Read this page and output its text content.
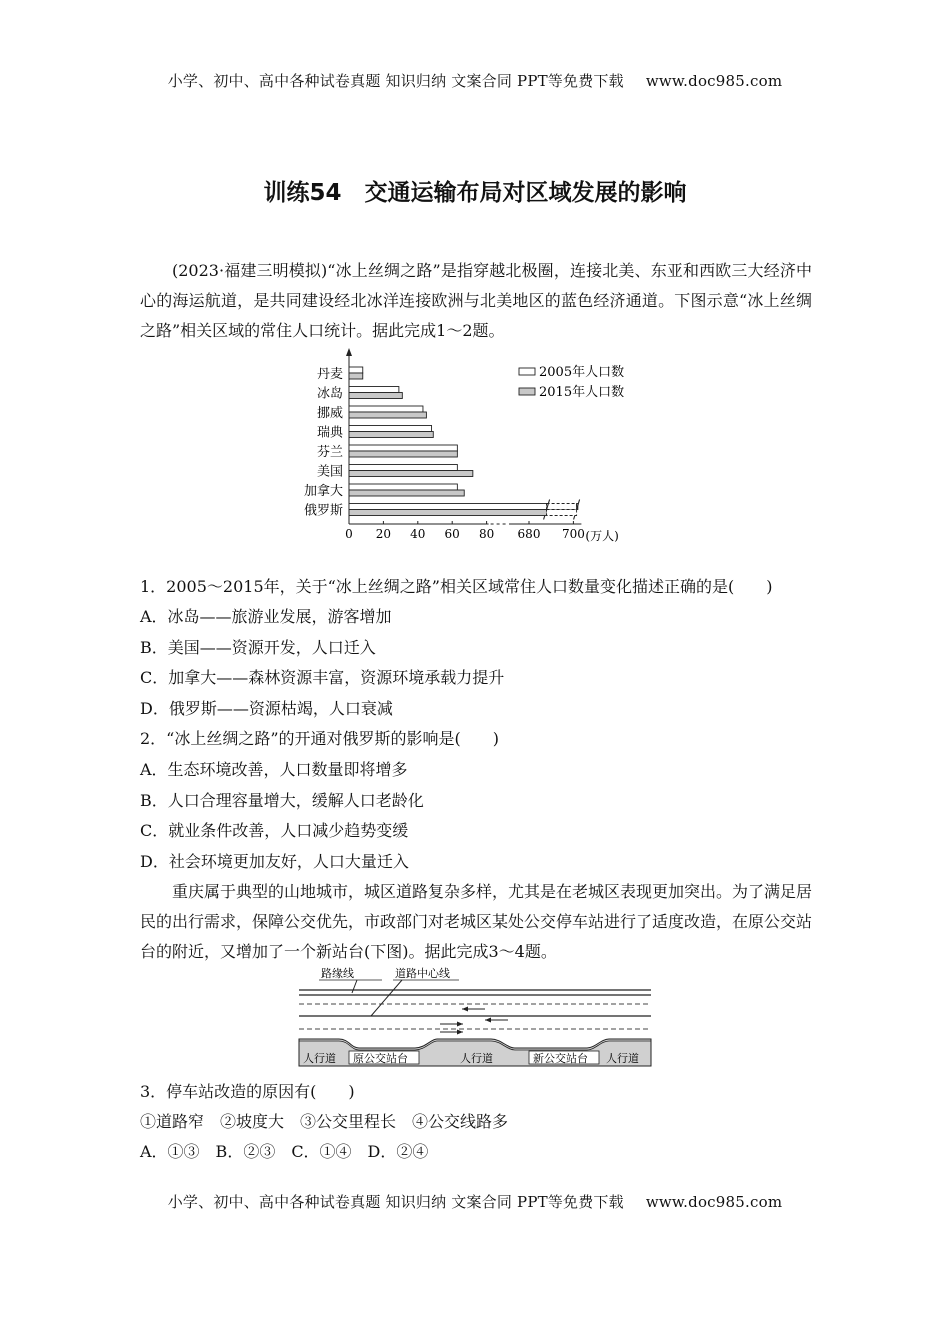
小学、初中、高中各种试卷真题 知识归纳 文案合同 PPT等免费下载 www.doc985.com
训练54　交通运输布局对区域发展的影响

(2023·福建三明模拟)“冰上丝绸之路”是指穿越北极圈，连接北美、东亚和西欧三大经济中心的海运航道，是共同建设经北冰洋连接欧洲与北美地区的蓝色经济通道。下图示意“冰上丝绸之路”相关区域的常住人口统计。据此完成1～2题。

0 20 40 60 80 680 700 (万人)
丹麦
冰岛
挪威
瑞典
芬兰
美国
加拿大
俄罗斯
2005年人口数
2015年人口数
1．2005～2015年，关于“冰上丝绸之路”相关区域常住人口数量变化描述正确的是(　　)
A．冰岛——旅游业发展，游客增加
B．美国——资源开发，人口迁入
C．加拿大——森林资源丰富，资源环境承载力提升
D．俄罗斯——资源枯竭，人口衰减
2．“冰上丝绸之路”的开通对俄罗斯的影响是(　　)
A．生态环境改善，人口数量即将增多
B．人口合理容量增大，缓解人口老龄化
C．就业条件改善，人口减少趋势变缓
D．社会环境更加友好，人口大量迁入

重庆属于典型的山地城市，城区道路复杂多样，尤其是在老城区表现更加突出。为了满足居民的出行需求，保障公交优先，市政部门对老城区某处公交停车站进行了适度改造，在原公交站台的附近，又增加了一个新站台(下图)。据此完成3～4题。

路缘线	道路中心线
人行道 原公交站台	人行道	新公交站台 人行道
3．停车站改造的原因有(　　)
①道路窄　②坡度大　③公交里程长　④公交线路多
A．①③　B．②③　C．①④　D．②④
小学、初中、高中各种试卷真题 知识归纳 文案合同 PPT等免费下载 www.doc985.com
